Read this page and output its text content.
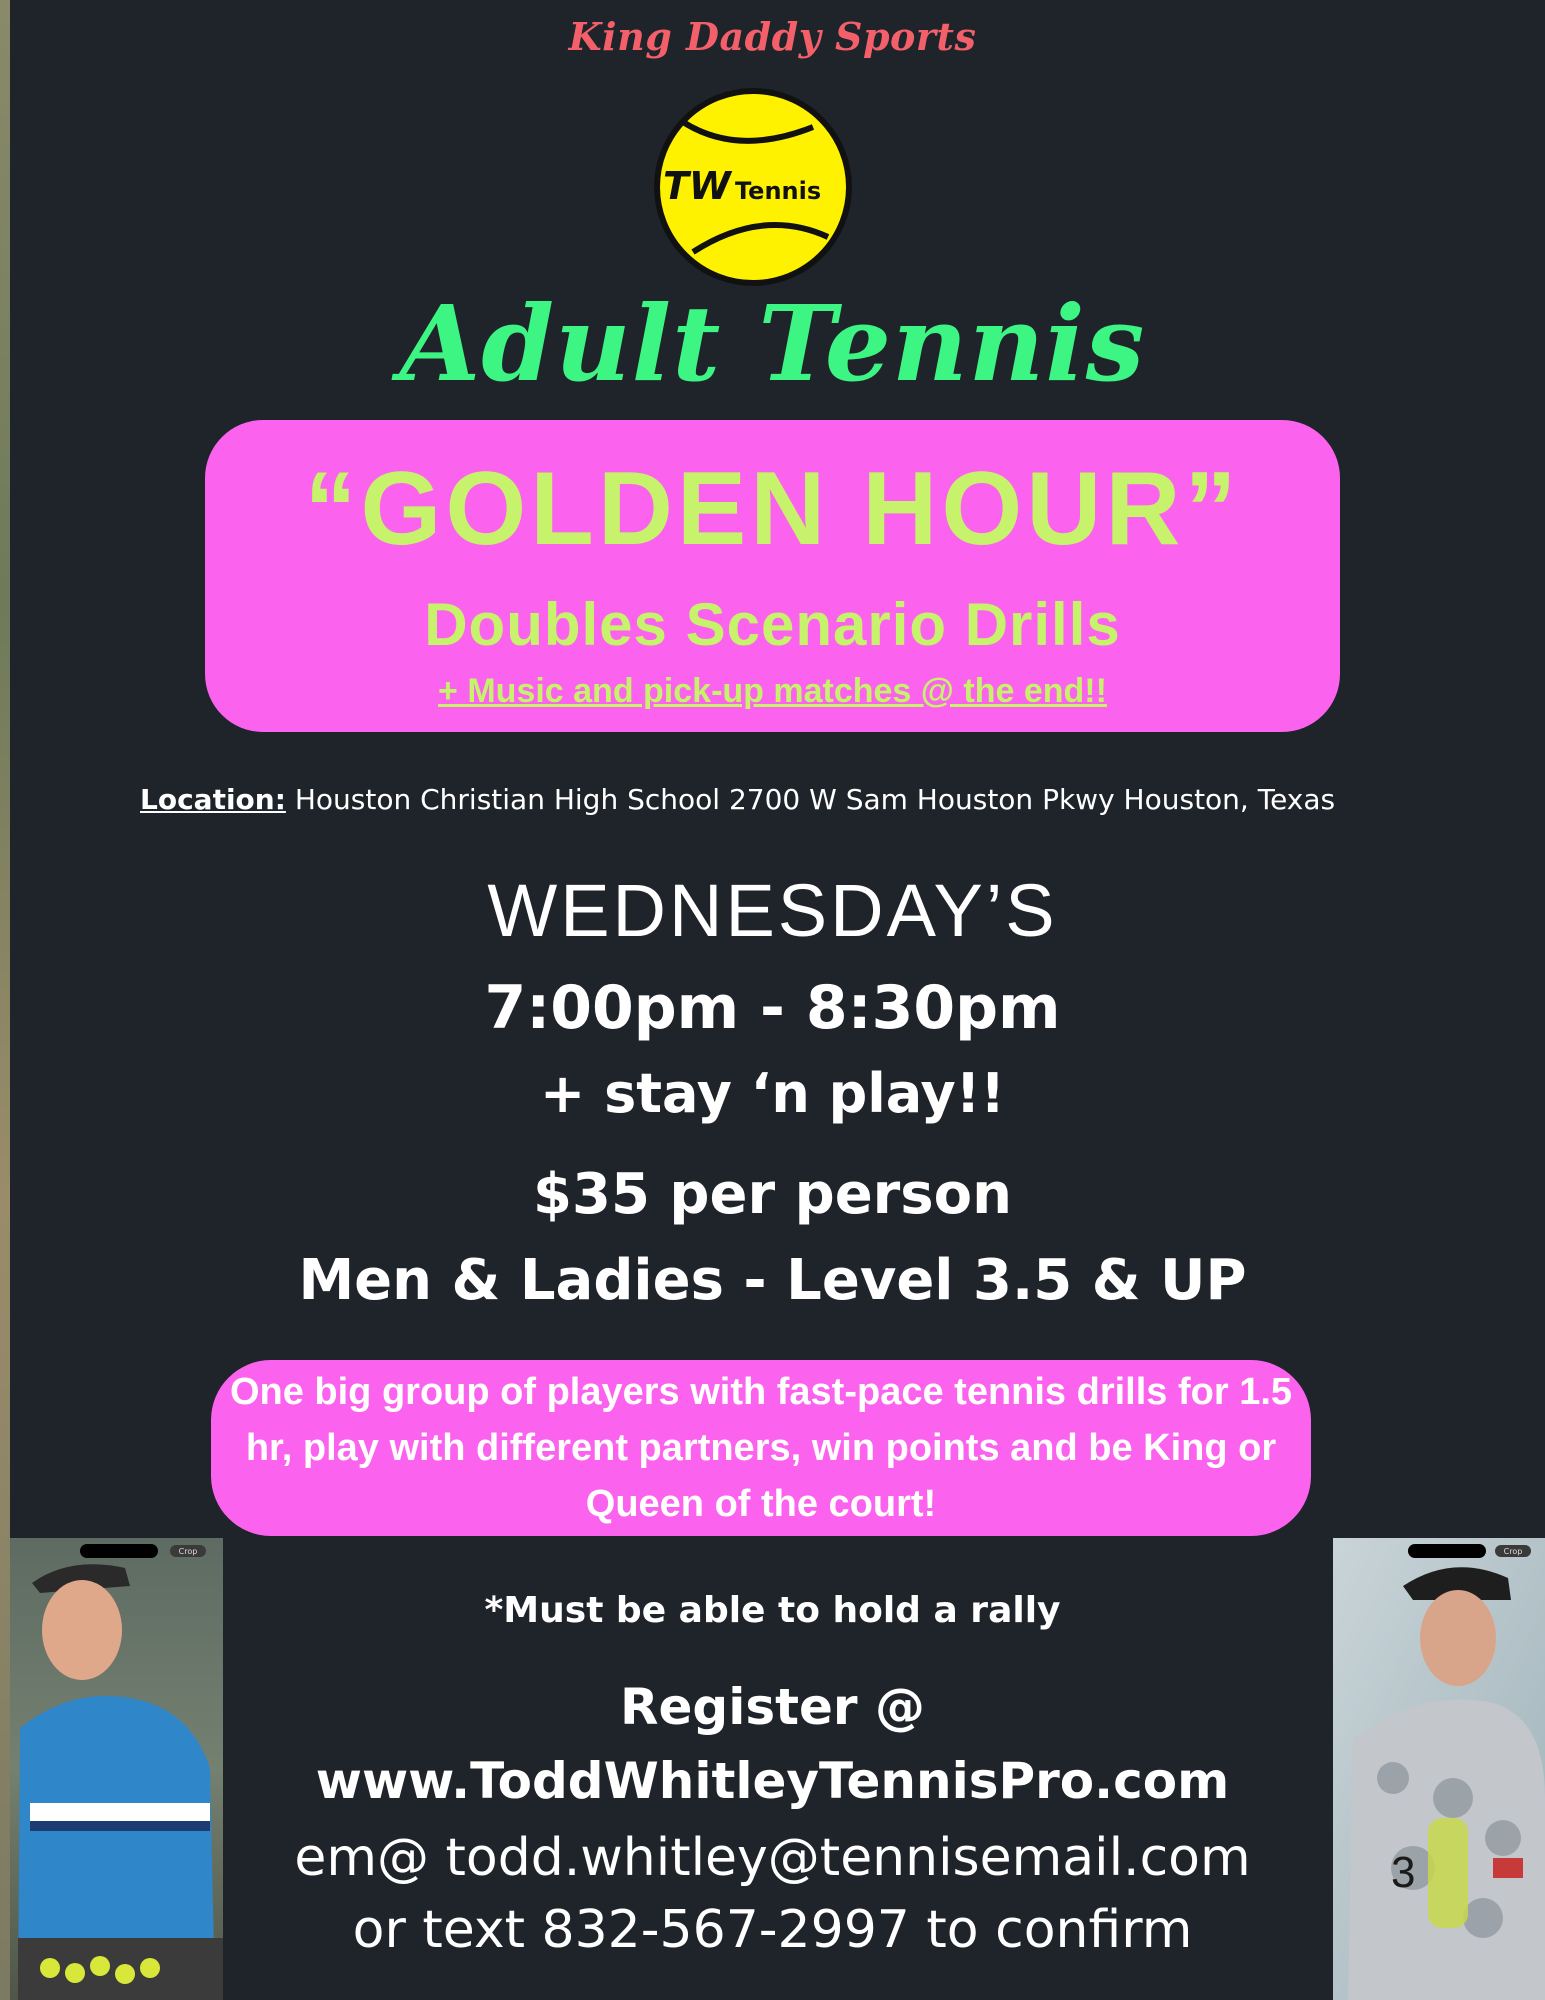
King Daddy Sports
TW Tennis
Adult Tennis
“GOLDEN HOUR”
Doubles Scenario Drills
+ Music and pick-up matches @ the end!!
Location: Houston Christian High School 2700 W Sam Houston Pkwy Houston, Texas
WEDNESDAY’S
7:00pm - 8:30pm
+ stay ‘n play!!
$35 per person
Men & Ladies - Level 3.5 & UP
One big group of players with fast-pace tennis drills for 1.5 hr, play with different partners, win points and be King or Queen of the court!
*Must be able to hold a rally
Register @
www.ToddWhitleyTennisPro.com
em@ todd.whitley@tennisemail.com
or text 832-567-2997 to confirm
Crop	Crop
3
